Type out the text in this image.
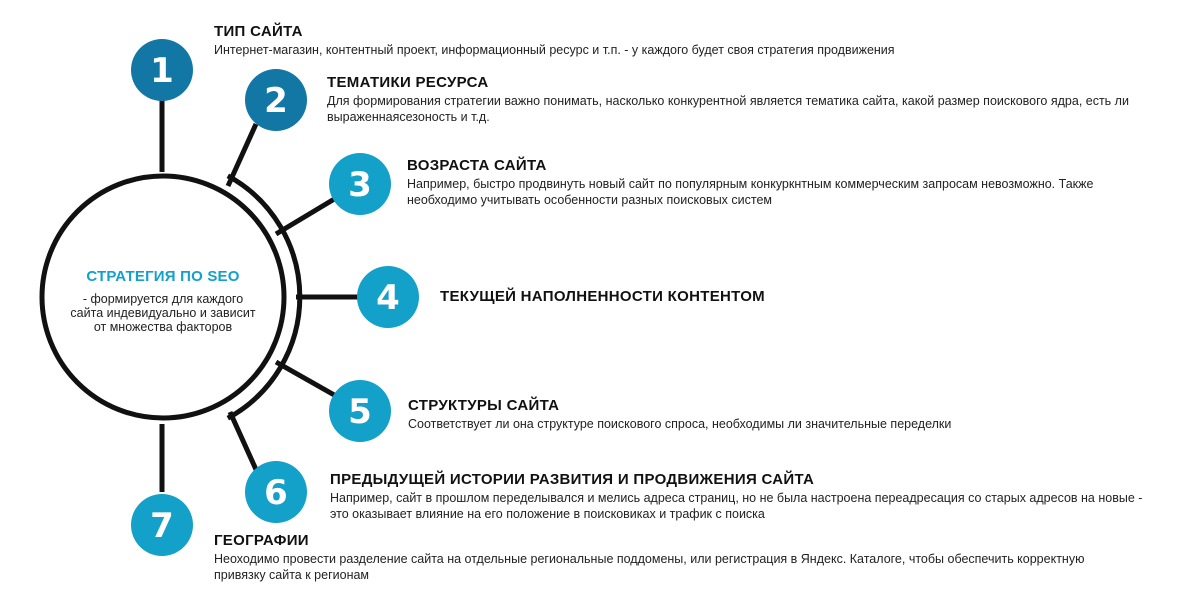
1
2
3
4
5
6
7
СТРАТЕГИЯ ПО SEO
- формируется для каждого сайта индевидуально и зависит от множества факторов
ТИП САЙТА
Интернет-магазин, контентный проект, информационный ресурс и т.п. - у каждого будет своя стратегия продвижения
ТЕМАТИКИ РЕСУРСА
Для формирования стратегии важно понимать, насколько конкурентной является тематика сайта, какой размер поискового ядра, есть ли выраженнаясезоность и т.д.
ВОЗРАСТА САЙТА
Например, быстро продвинуть новый сайт по популярным конкуркнтным коммерческим запросам невозможно. Также необходимо учитывать особенности разных поисковых систем
ТЕКУЩЕЙ НАПОЛНЕННОСТИ КОНТЕНТОМ
СТРУКТУРЫ САЙТА
Соответствует ли она структуре поискового спроса, необходимы ли значительные переделки
ПРЕДЫДУЩЕЙ ИСТОРИИ РАЗВИТИЯ И ПРОДВИЖЕНИЯ САЙТА
Например, сайт в прошлом переделывался и мелись адреса страниц, но не была настроена переадресация со старых адресов на новые - это оказывает влияние на его положение в поисковиках и трафик с поиска
ГЕОГРАФИИ
Неоходимо провести разделение сайта на отдельные региональные поддомены, или регистрация в Яндекс. Каталоге, чтобы обеспечить корректную привязку сайта к регионам
